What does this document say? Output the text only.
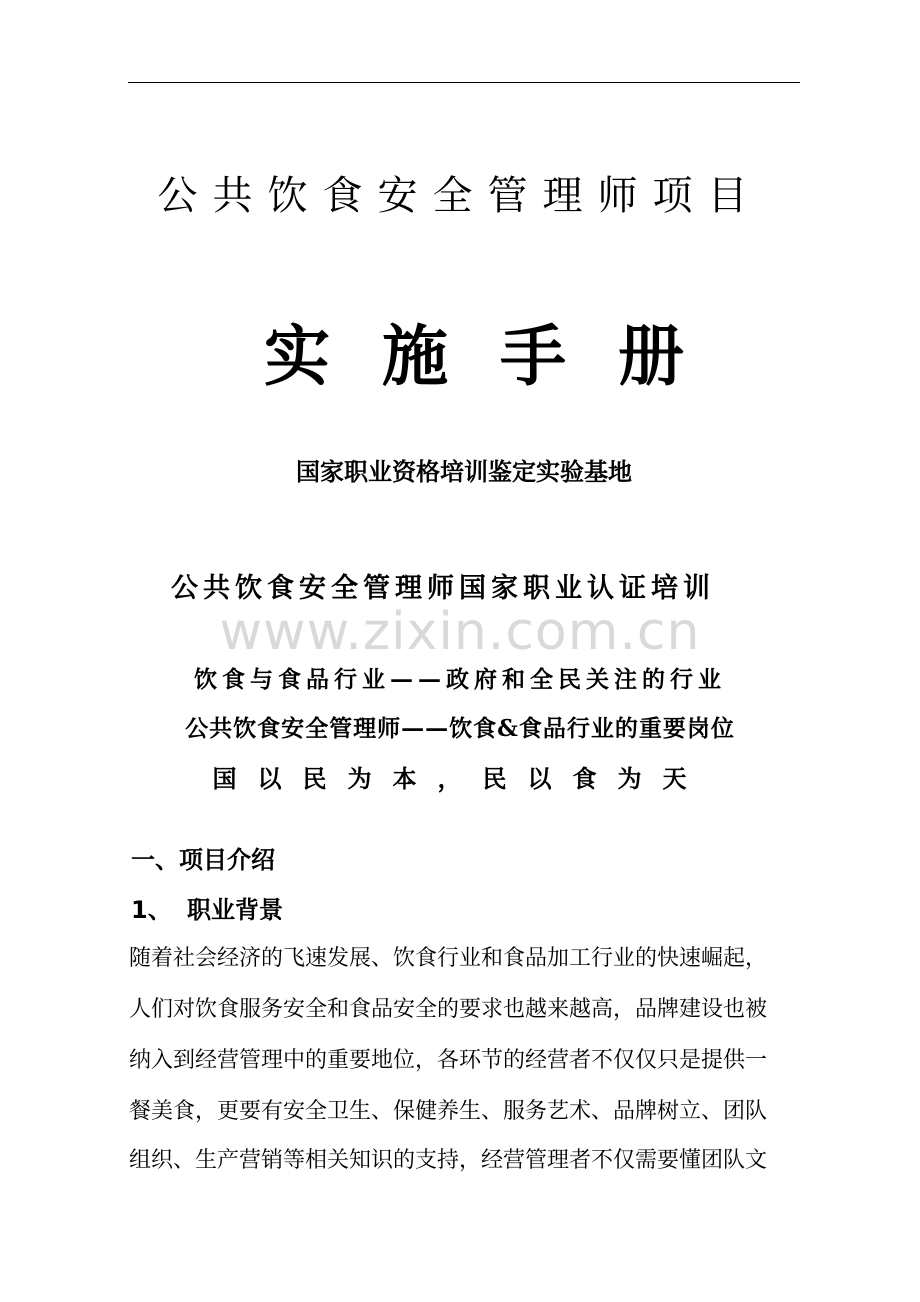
公共饮食安全管理师项目
实施手册
国家职业资格培训鉴定实验基地
公共饮食安全管理师国家职业认证培训
www.zixin.com.cn
饮食与食品行业——政府和全民关注的行业
公共饮食安全管理师——饮食&食品行业的重要岗位
国以民为本，民以食为天
一、项目介绍
1、 职业背景
随着社会经济的飞速发展、饮食行业和食品加工行业的快速崛起，
人们对饮食服务安全和食品安全的要求也越来越高，品牌建设也被
纳入到经营管理中的重要地位，各环节的经营者不仅仅只是提供一
餐美食，更要有安全卫生、保健养生、服务艺术、品牌树立、团队
组织、生产营销等相关知识的支持，经营管理者不仅需要懂团队文
